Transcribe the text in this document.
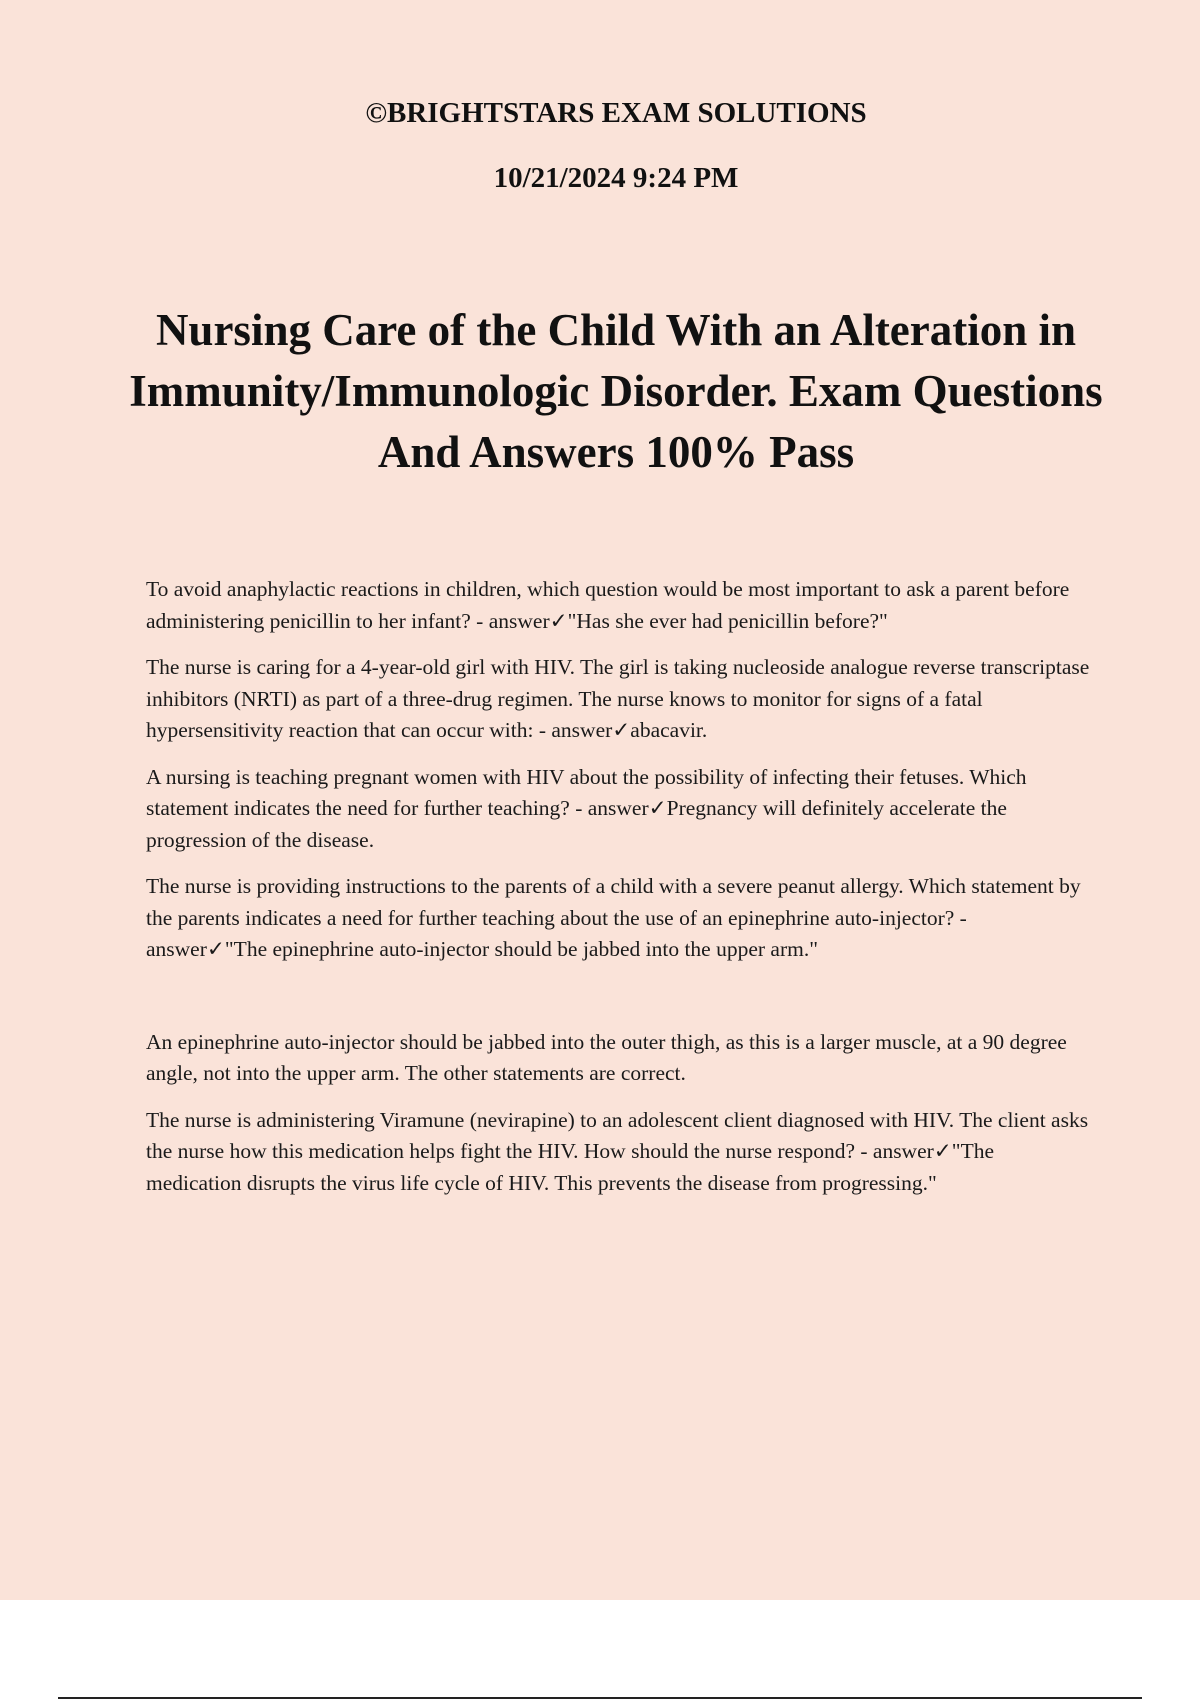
©BRIGHTSTARS EXAM SOLUTIONS
10/21/2024 9:24 PM
Nursing Care of the Child With an Alteration in Immunity/Immunologic Disorder. Exam Questions And Answers 100% Pass

To avoid anaphylactic reactions in children, which question would be most important to ask a parent before administering penicillin to her infant? - answer✓"Has she ever had penicillin before?"

The nurse is caring for a 4-year-old girl with HIV. The girl is taking nucleoside analogue reverse transcriptase inhibitors (NRTI) as part of a three-drug regimen. The nurse knows to monitor for signs of a fatal hypersensitivity reaction that can occur with: - answer✓abacavir.

A nursing is teaching pregnant women with HIV about the possibility of infecting their fetuses. Which statement indicates the need for further teaching? - answer✓Pregnancy will definitely accelerate the progression of the disease.

The nurse is providing instructions to the parents of a child with a severe peanut allergy. Which statement by the parents indicates a need for further teaching about the use of an epinephrine auto-injector? - answer✓"The epinephrine auto-injector should be jabbed into the upper arm."

An epinephrine auto-injector should be jabbed into the outer thigh, as this is a larger muscle, at a 90 degree angle, not into the upper arm. The other statements are correct.

The nurse is administering Viramune (nevirapine) to an adolescent client diagnosed with HIV. The client asks the nurse how this medication helps fight the HIV. How should the nurse respond? - answer✓"The medication disrupts the virus life cycle of HIV. This prevents the disease from progressing."
